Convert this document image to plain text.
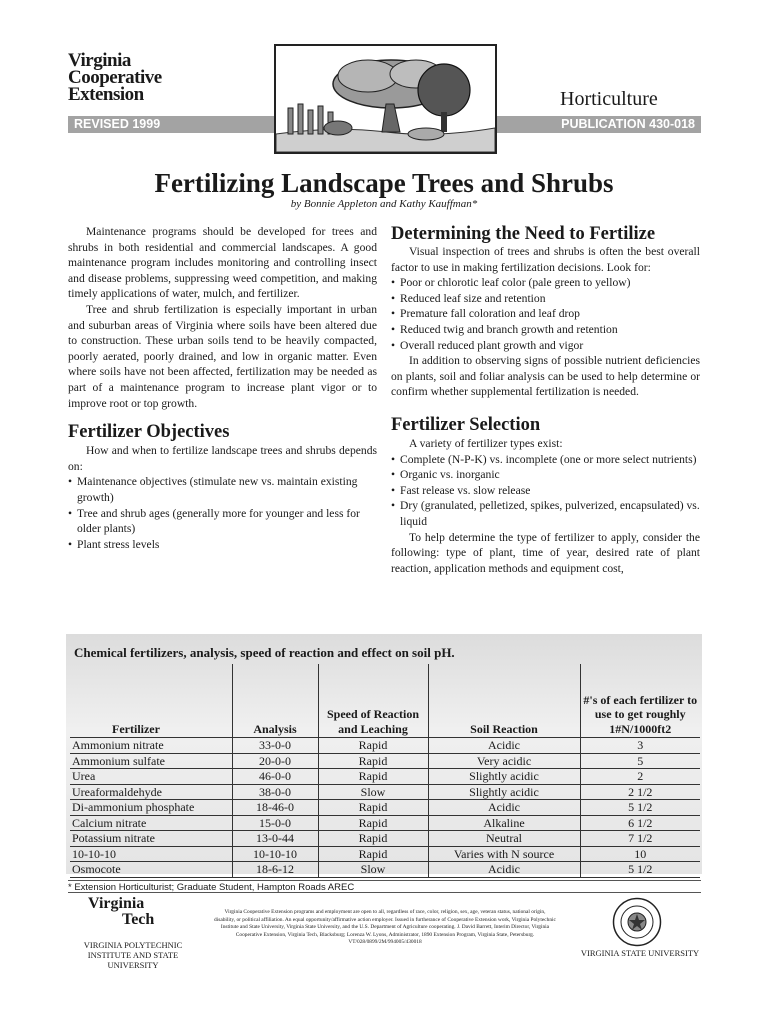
Virginia
Cooperative
Extension
REVISED 1999	PUBLICATION 430-018
Horticulture
Fertilizing Landscape Trees and Shrubs
by Bonnie Appleton and Kathy Kauffman*

Maintenance programs should be developed for trees and shrubs in both residential and commercial landscapes. A good maintenance program includes monitoring and controlling insect and disease problems, suppressing weed competition, and making timely applications of water, mulch, and fertilizer.

Tree and shrub fertilization is especially important in urban and suburban areas of Virginia where soils have been altered due to construction. These urban soils tend to be heavily compacted, poorly aerated, poorly drained, and low in organic matter. Even where soils have not been affected, fertilization may be needed as part of a maintenance program to increase plant vigor or to improve root or top growth.

Fertilizer Objectives

How and when to fertilize landscape trees and shrubs depends on:

• Maintenance objectives (stimulate new vs. maintain existing growth)
• Tree and shrub ages (generally more for younger and less for older plants)
• Plant stress levels
Determining the Need to Fertilize

Visual inspection of trees and shrubs is often the best overall factor to use in making fertilization decisions. Look for:

• Poor or chlorotic leaf color (pale green to yellow)
• Reduced leaf size and retention
• Premature fall coloration and leaf drop
• Reduced twig and branch growth and retention
• Overall reduced plant growth and vigor

In addition to observing signs of possible nutrient deficiencies on plants, soil and foliar analysis can be used to help determine or confirm whether supplemental fertilization is needed.

Fertilizer Selection

A variety of fertilizer types exist:

• Complete (N-P-K) vs. incomplete (one or more select nutrients)
• Organic vs. inorganic
• Fast release vs. slow release
• Dry (granulated, pelletized, spikes, pulverized, encapsulated) vs. liquid

To help determine the type of fertilizer to apply, consider the following: type of plant, time of year, desired rate of plant reaction, application methods and equipment cost,

Chemical fertilizers, analysis, speed of reaction and effect on soil pH.
Fertilizer	Analysis	Speed of Reaction and Leaching	Soil Reaction	#'s of each fertilizer to use to get roughly 1#N/1000ft2
Ammonium nitrate	33-0-0	Rapid	Acidic	3
Ammonium sulfate	20-0-0	Rapid	Very acidic	5
Urea	46-0-0	Rapid	Slightly acidic	2
Ureaformaldehyde	38-0-0	Slow	Slightly acidic	2 1/2
Di-ammonium phosphate	18-46-0	Rapid	Acidic	5 1/2
Calcium nitrate	15-0-0	Rapid	Alkaline	6 1/2
Potassium nitrate	13-0-44	Rapid	Neutral	7 1/2
10-10-10	10-10-10	Rapid	Varies with N source	10
Osmocote	18-6-12	Slow	Acidic	5 1/2
* Extension Horticulturist; Graduate Student, Hampton Roads AREC
Virginia
Tech
VIRGINIA POLYTECHNIC INSTITUTE AND STATE UNIVERSITY
Virginia Cooperative Extension programs and employment are open to all, regardless of race, color, religion, sex, age, veteran status, national origin, disability, or political affiliation. An equal opportunity/affirmative action employer. Issued in furtherance of Cooperative Extension work, Virginia Polytechnic Institute and State University, Virginia State University, and the U.S. Department of Agriculture cooperating. J. David Barrett, Interim Director, Virginia Cooperative Extension, Virginia Tech, Blacksburg; Lorenza W. Lyons, Administrator, 1890 Extension Program, Virginia State, Petersburg.
VT/028/0899/2M/994005/430018
VIRGINIA STATE UNIVERSITY
